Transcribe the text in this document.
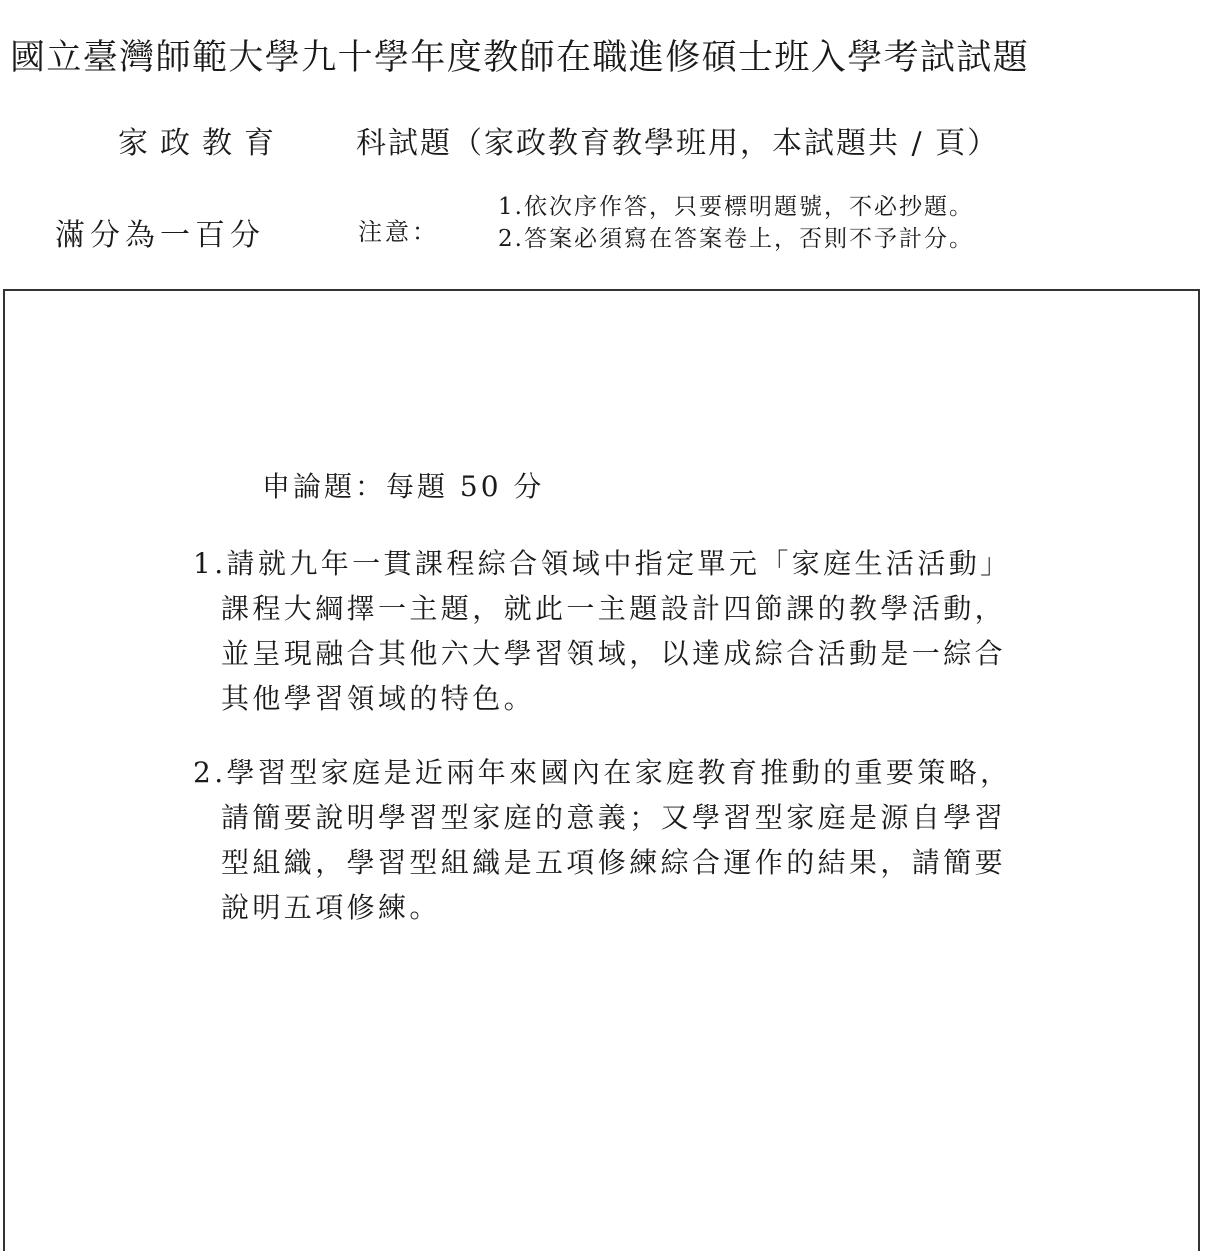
國立臺灣師範大學九十學年度教師在職進修碩士班入學考試試題
家政教育 科試題（家政教育教學班用，本試題共 / 頁）
滿分為一百分	注意：
1.依次序作答，只要標明題號，不必抄題。
2.答案必須寫在答案卷上，否則不予計分。
申論題：每題 50 分
1.請就九年一貫課程綜合領域中指定單元「家庭生活活動」
課程大綱擇一主題，就此一主題設計四節課的教學活動，
並呈現融合其他六大學習領域，以達成綜合活動是一綜合
其他學習領域的特色。
2.學習型家庭是近兩年來國內在家庭教育推動的重要策略，
請簡要說明學習型家庭的意義；又學習型家庭是源自學習
型組織，學習型組織是五項修練綜合運作的結果，請簡要
說明五項修練。
